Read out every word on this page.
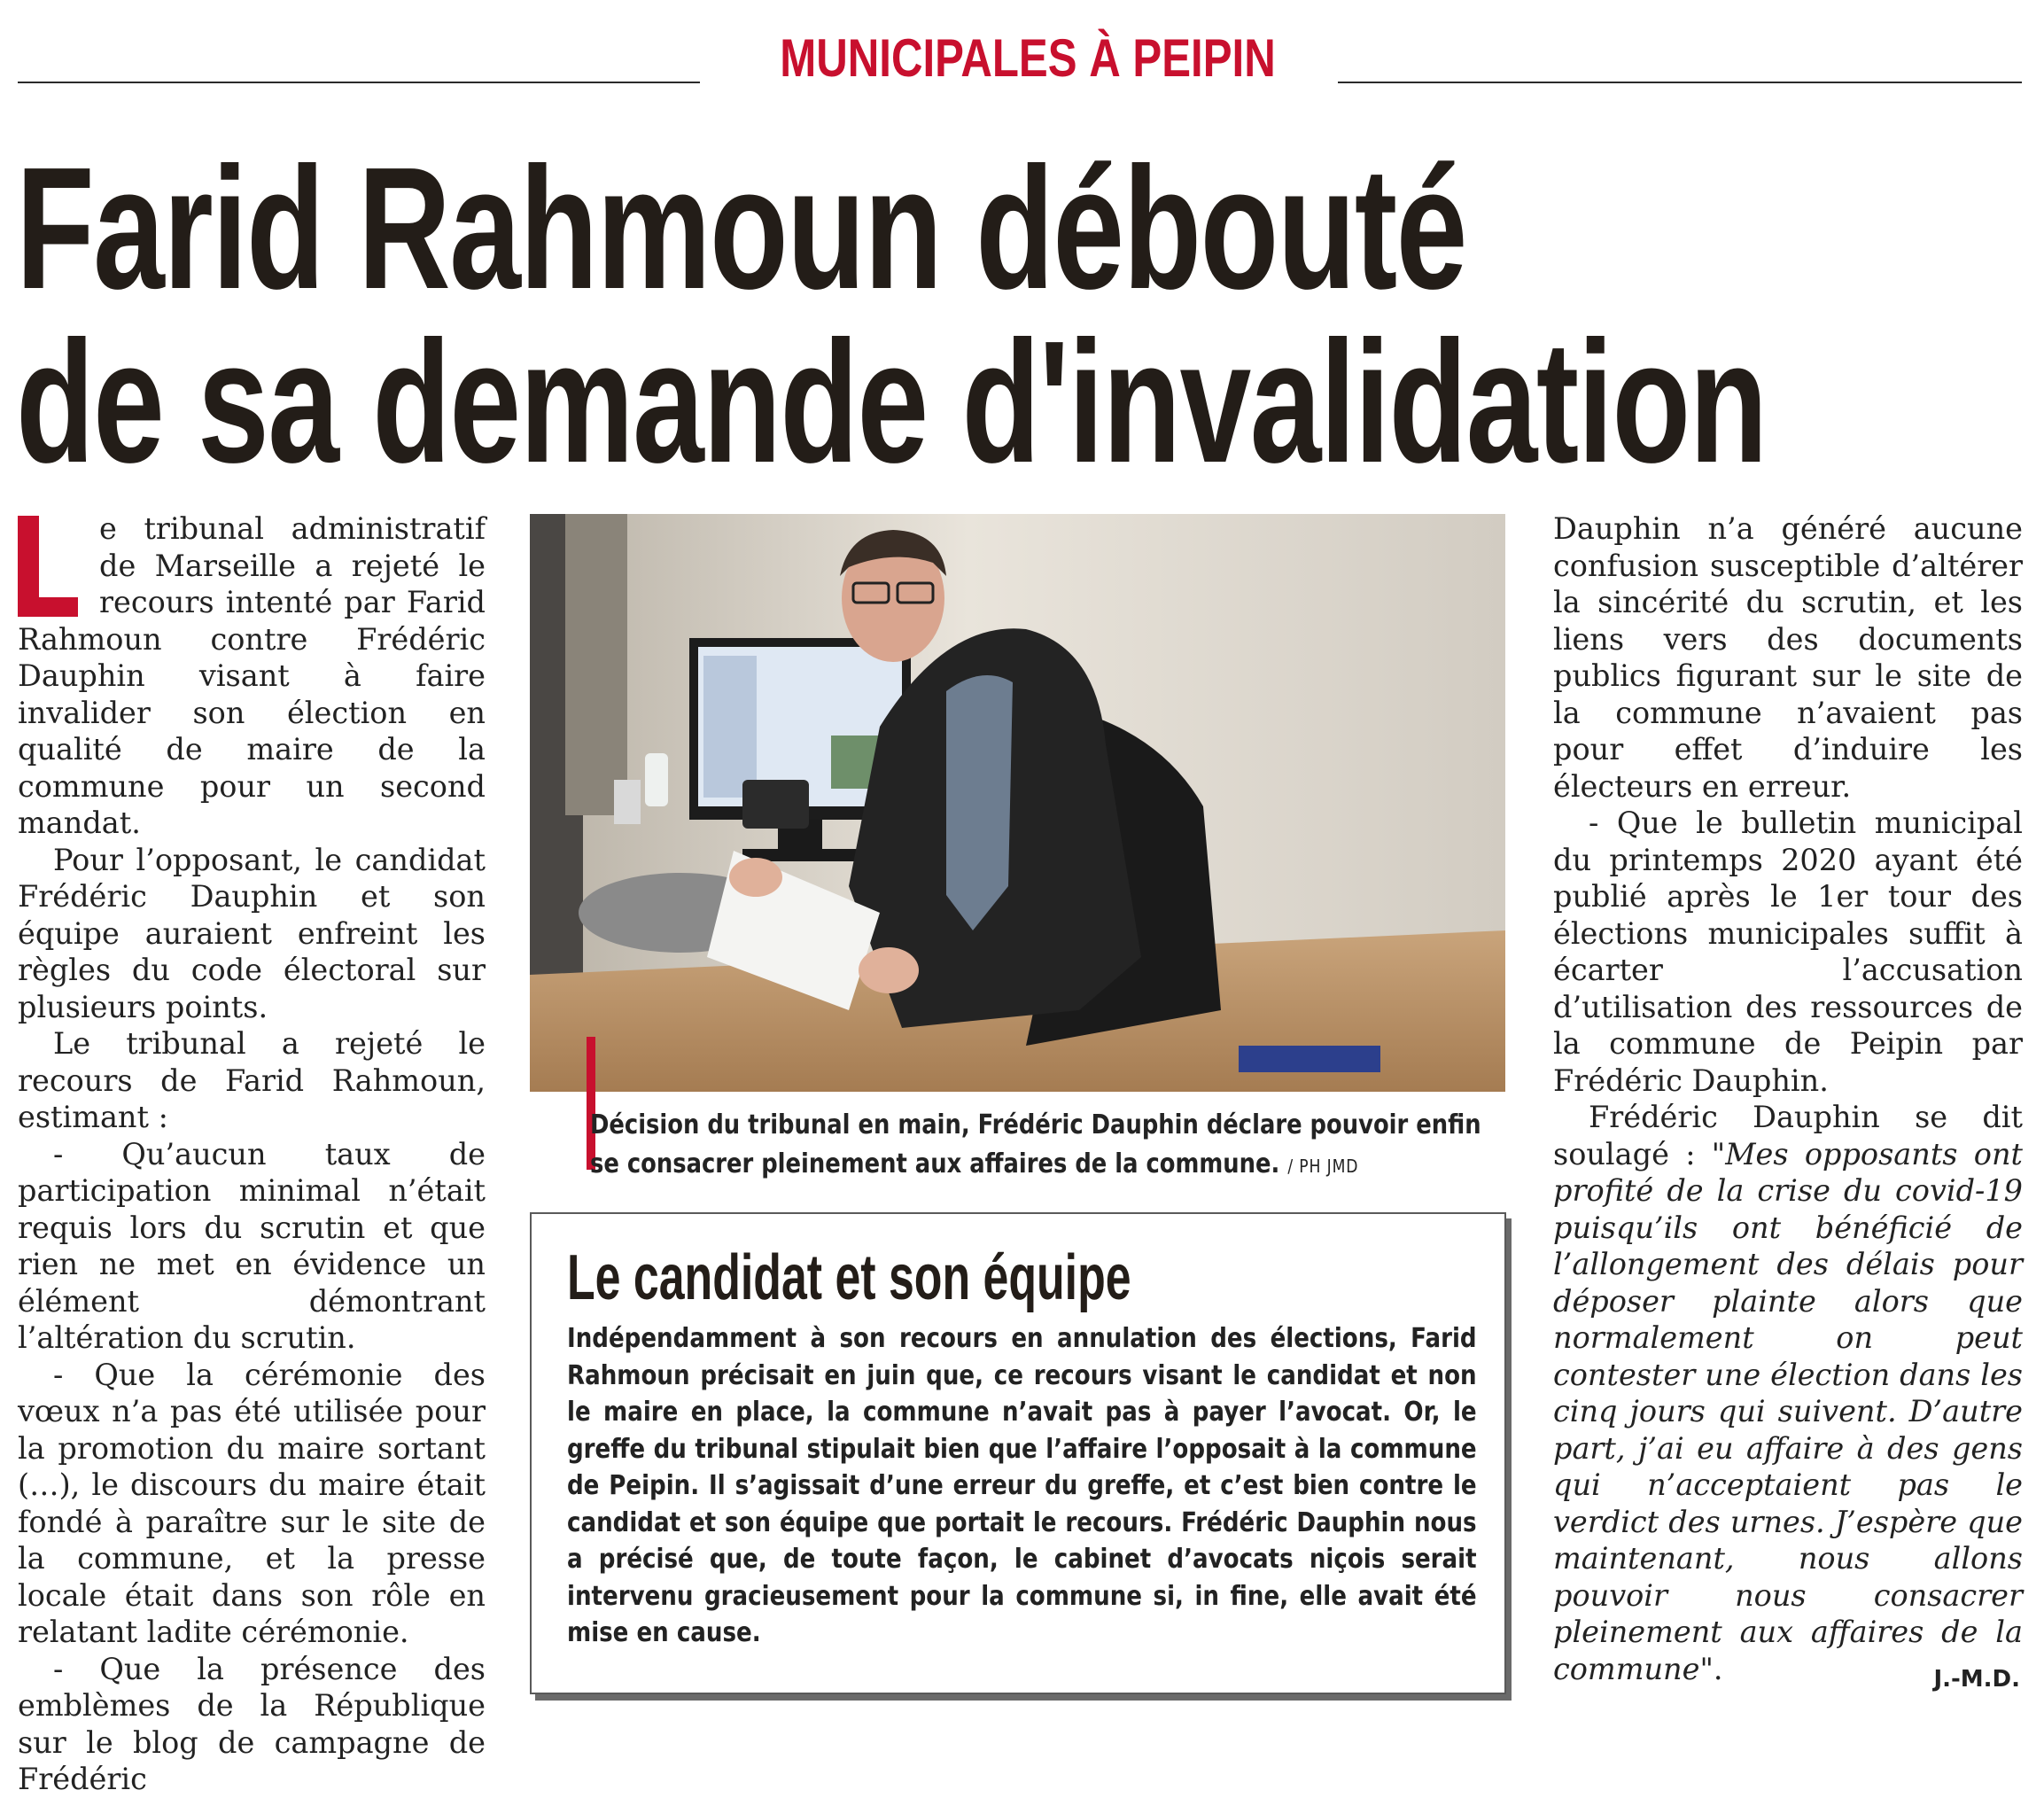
MUNICIPALES À PEIPIN
Farid Rahmoun débouté
de sa demande d'invalidation

e tribunal administratif de Marseille a rejeté le recours intenté par Farid Rahmoun contre Frédéric Dauphin visant à faire invalider son élection en qualité de maire de la commune pour un second mandat.

Pour l’opposant, le candidat Frédéric Dauphin et son équipe auraient enfreint les règles du code électoral sur plusieurs points.

Le tribunal a rejeté le recours de Farid Rahmoun, estimant :

- Qu’aucun taux de participation minimal n’était requis lors du scrutin et que rien ne met en évidence un élément démontrant l’altération du scrutin.

- Que la cérémonie des vœux n’a pas été utilisée pour la promotion du maire sortant (…), le discours du maire était fondé à paraître sur le site de la commune, et la presse locale était dans son rôle en relatant ladite cérémonie.

- Que la présence des emblèmes de la République sur le blog de campagne de Frédéric

Décision du tribunal en main, Frédéric Dauphin déclare pouvoir enfin se consacrer pleinement aux affaires de la commune. / PH JMD
Le candidat et son équipe
Indépendamment à son recours en annulation des élections, Farid Rahmoun précisait en juin que, ce recours visant le candidat et non le maire en place, la commune n’avait pas à payer l’avocat. Or, le greffe du tribunal stipulait bien que l’affaire l’opposait à la commune de Peipin. Il s’agissait d’une erreur du greffe, et c’est bien contre le candidat et son équipe que portait le recours. Frédéric Dauphin nous a précisé que, de toute façon, le cabinet d’avocats niçois serait intervenu gracieusement pour la commune si, in fine, elle avait été mise en cause.

Dauphin n’a généré aucune confusion susceptible d’altérer la sincérité du scrutin, et les liens vers des documents publics figurant sur le site de la commune n’avaient pas pour effet d’induire les électeurs en erreur.

- Que le bulletin municipal du printemps 2020 ayant été publié après le 1er tour des élections municipales suffit à écarter l’accusation d’utilisation des ressources de la commune de Peipin par Frédéric Dauphin.

Frédéric Dauphin se dit soulagé : "Mes opposants ont profité de la crise du covid-19 puisqu’ils ont bénéficié de l’allongement des délais pour déposer plainte alors que normalement on peut contester une élection dans les cinq jours qui suivent. D’autre part, j’ai eu affaire à des gens qui n’acceptaient pas le verdict des urnes. J’espère que maintenant, nous allons pouvoir nous consacrer pleinement aux affaires de la commune".	J.-M.D.
